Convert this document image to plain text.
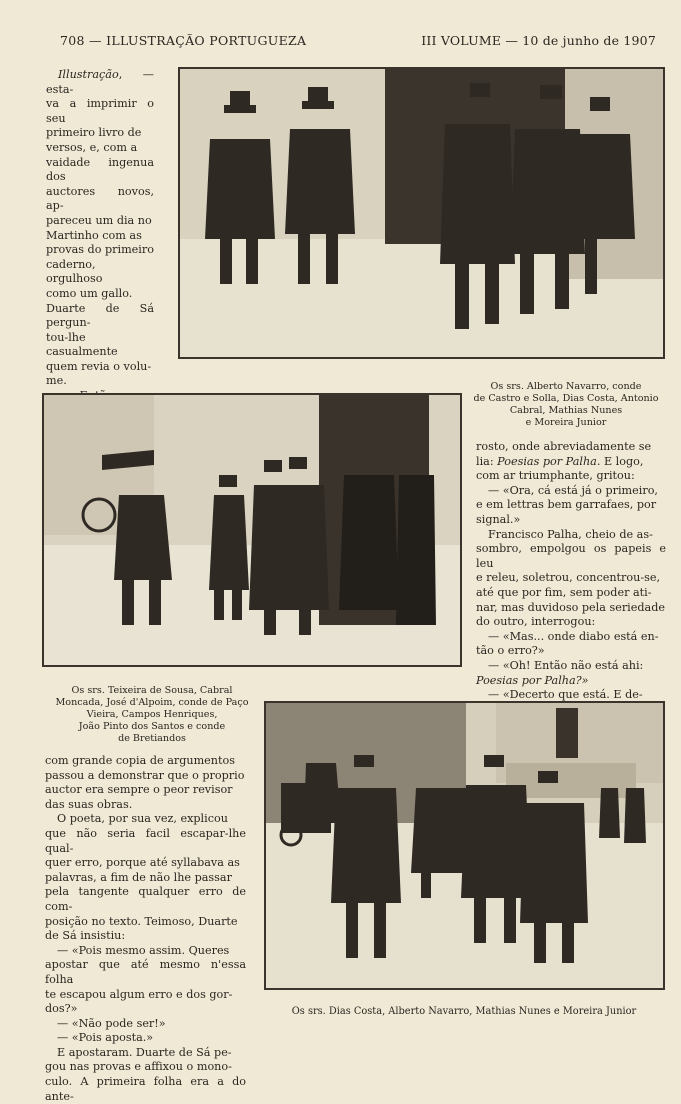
708 — ILLUSTRAÇÃO PORTUGUEZA	III VOLUME — 10 de junho de 1907

Illustração, — esta-

va a imprimir o seu

primeiro livro de

versos, e, com a

vaidade ingenua dos

auctores novos, ap-

pareceu um dia no

Martinho com as

provas do primeiro

caderno, orgulhoso

como um gallo.

Duarte de Sá pergun-

tou-lhe casualmente

quem revia o volu-

me.	Os srs. Alberto Navarro, conde
de Castro e Solla, Dias Costa, Antonio
Cabral, Mathias Nunes
e Moreira Junior

rosto, onde abreviadamente se

lia: Poesias por Palha. E logo,

com ar triumphante, gritou:

— «Ora, cá está já o primeiro,

e em lettras bem garrafaes, por

signal.»

Francisco Palha, cheio de as-

sombro, empolgou os papeis e leu

e releu, soletrou, concentrou-se,

até que por fim, sem poder ati-

nar, mas duvidoso pela seriedade

do outro, interrogou:

— «Mas... onde diabo está en-

tão o erro?»

— «Oh! Então não está ahi:

Poesias por Palha?»

— «Decerto que está. E de-

Os srs. Teixeira de Sousa, Cabral
Moncada, José d'Alpoim, conde de Paço
Vieira, Campos Henriques,
João Pinto dos Santos e conde
de Bretiandos

com grande copia de argumentos

passou a demonstrar que o proprio

auctor era sempre o peor revisor

das suas obras.

O poeta, por sua vez, explicou

que não seria facil escapar-lhe qual-

quer erro, porque até syllabava as

palavras, a fim de não lhe passar

pela tangente qualquer erro de com-

posição no texto. Teimoso, Duarte

de Sá insistiu:

— «Pois mesmo assim. Queres

apostar que até mesmo n'essa folha

te escapou algum erro e dos gor-

dos?»

— «Não pode ser!»

— «Pois aposta.»

E apostaram. Duarte de Sá pe-

gou nas provas e affixou o mono-

culo. A primeira folha era a do ante-

Os srs. Dias Costa, Alberto Navarro, Mathias Nunes e Moreira Junior
